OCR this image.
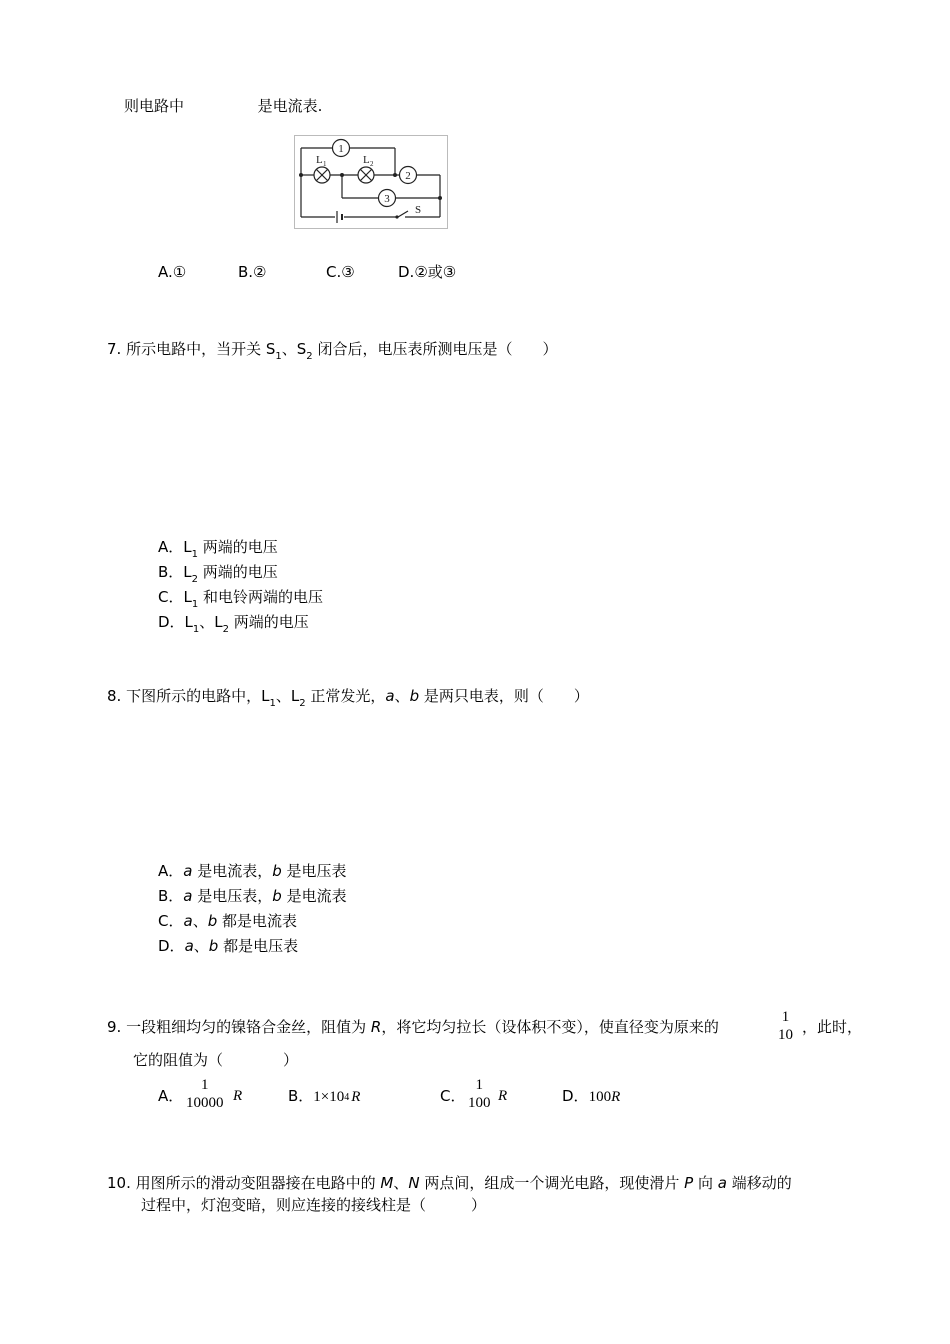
则电路中	是电流表.
1
2
3
L 1	L 2
S
A.①	B.②	C.③	D.②或③
7. 所示电路中，当开关 $S_1$、$S_2$ 闭合后，电压表所测电压是（　　）
A．$L_1$ 两端的电压
B．$L_2$ 两端的电压
C．$L_1$ 和电铃两端的电压
D．$L_1$、$L_2$ 两端的电压
8. 下图所示的电路中，$L_1$、$L_2$ 正常发光，a、b 是两只电表，则（　　）
A．a 是电流表，b 是电压表
B．a 是电压表，b 是电流表
C．a、b 都是电流表
D．a、b 都是电压表
9. 一段粗细均匀的镍铬合金丝，阻值为 R，将它均匀拉长（设体积不变），使直径变为原来的
1
10 ，此时，
它的阻值为（　　　　）
A．
1
10000 R	B．1×104 R	C．
1
100 R	D．100R
10. 用图所示的滑动变阻器接在电路中的 M、N 两点间，组成一个调光电路，现使滑片 P 向 a 端移动的
过程中，灯泡变暗，则应连接的接线柱是（　　　）
